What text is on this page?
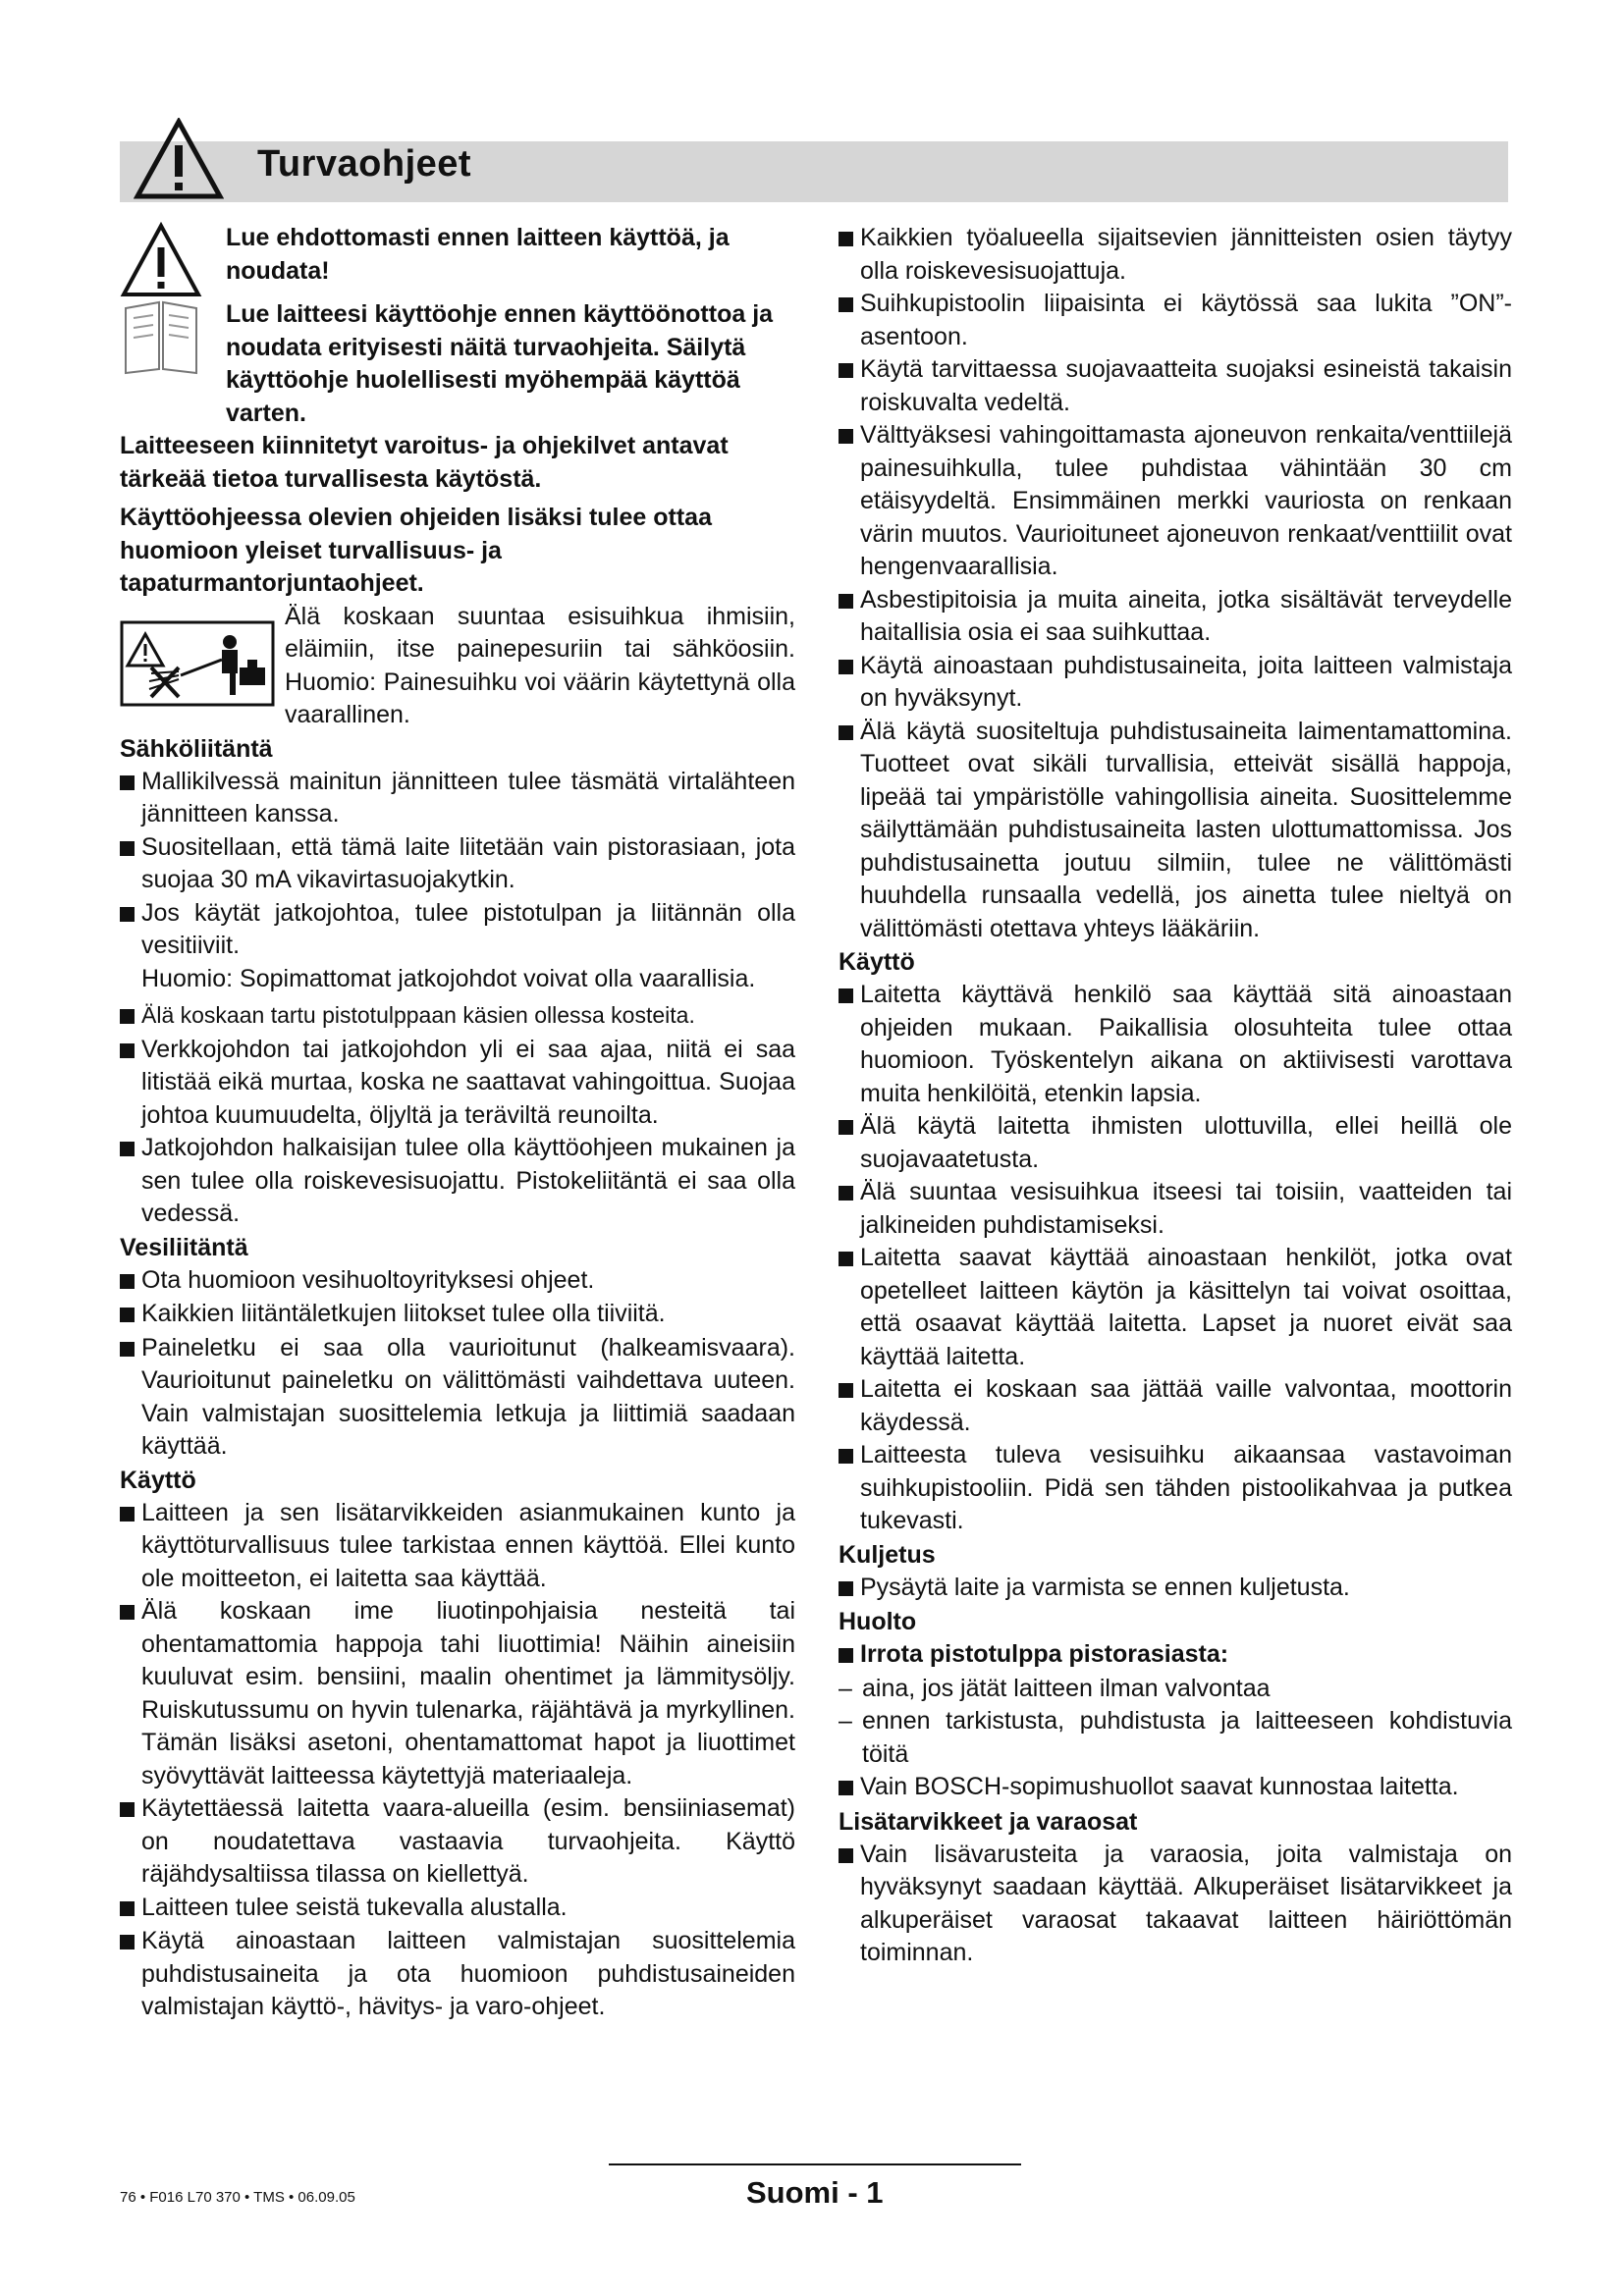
Turvaohjeet
Lue ehdottomasti ennen laitteen käyttöä, ja noudata!
Lue laitteesi käyttöohje ennen käyttöönottoa ja noudata erityisesti näitä turvaohjeita. Säilytä käyttöohje huolellisesti myöhempää käyttöä varten.

Laitteeseen kiinnitetyt varoitus- ja ohjekilvet antavat tärkeää tietoa turvallisesta käytöstä.

Käyttöohjeessa olevien ohjeiden lisäksi tulee ottaa huomioon yleiset turvallisuus- ja tapaturmantorjuntaohjeet.

Älä koskaan suuntaa esisuihkua ihmisiin, eläimiin, itse painepesuriin tai sähköosiin. Huomio: Painesuihku voi väärin käytettynä olla vaarallinen.
Sähköliitäntä
Mallikilvessä mainitun jännitteen tulee täsmätä virtalähteen jännitteen kanssa.
Suositellaan, että tämä laite liitetään vain pistorasiaan, jota suojaa 30 mA vikavirtasuojakytkin.
Jos käytät jatkojohtoa, tulee pistotulpan ja liitännän olla vesitiiviit.
Huomio: Sopimattomat jatkojohdot voivat olla vaarallisia.
Älä koskaan tartu pistotulppaan käsien ollessa kosteita.
Verkkojohdon tai jatkojohdon yli ei saa ajaa, niitä ei saa litistää eikä murtaa, koska ne saattavat vahingoittua. Suojaa johtoa kuumuudelta, öljyltä ja teräviltä reunoilta.
Jatkojohdon halkaisijan tulee olla käyttöohjeen mukainen ja sen tulee olla roiskevesisuojattu. Pistokeliitäntä ei saa olla vedessä.
Vesiliitäntä
Ota huomioon vesihuoltoyrityksesi ohjeet.
Kaikkien liitäntäletkujen liitokset tulee olla tiiviitä.
Paineletku ei saa olla vaurioitunut (halkeamisvaara). Vaurioitunut paineletku on välittömästi vaihdettava uuteen. Vain valmistajan suosittelemia letkuja ja liittimiä saadaan käyttää.
Käyttö
Laitteen ja sen lisätarvikkeiden asianmukainen kunto ja käyttöturvallisuus tulee tarkistaa ennen käyttöä. Ellei kunto ole moitteeton, ei laitetta saa käyttää.
Älä koskaan ime liuotinpohjaisia nesteitä tai ohentamattomia happoja tahi liuottimia! Näihin aineisiin kuuluvat esim. bensiini, maalin ohentimet ja lämmitysöljy. Ruiskutussumu on hyvin tulenarka, räjähtävä ja myrkyllinen. Tämän lisäksi asetoni, ohentamattomat hapot ja liuottimet syövyttävät laitteessa käytettyjä materiaaleja.
Käytettäessä laitetta vaara-alueilla (esim. bensiiniasemat) on noudatettava vastaavia turvaohjeita. Käyttö räjähdysaltiissa tilassa on kiellettyä.
Laitteen tulee seistä tukevalla alustalla.
Käytä ainoastaan laitteen valmistajan suosittelemia puhdistusaineita ja ota huomioon puhdistusaineiden valmistajan käyttö-, hävitys- ja varo-ohjeet.
Kaikkien työalueella sijaitsevien jännitteisten osien täytyy olla roiskevesisuojattuja.
Suihkupistoolin liipaisinta ei käytössä saa lukita ”ON”-asentoon.
Käytä tarvittaessa suojavaatteita suojaksi esineistä takaisin roiskuvalta vedeltä.
Välttyäksesi vahingoittamasta ajoneuvon renkaita/venttiilejä painesuihkulla, tulee puhdistaa vähintään 30 cm etäisyydeltä. Ensimmäinen merkki vauriosta on renkaan värin muutos. Vaurioituneet ajoneuvon renkaat/venttiilit ovat hengenvaarallisia.
Asbestipitoisia ja muita aineita, jotka sisältävät terveydelle haitallisia osia ei saa suihkuttaa.
Käytä ainoastaan puhdistusaineita, joita laitteen valmistaja on hyväksynyt.
Älä käytä suositeltuja puhdistusaineita laimentamattomina. Tuotteet ovat sikäli turvallisia, etteivät sisällä happoja, lipeää tai ympäristölle vahingollisia aineita. Suosittelemme säilyttämään puhdistusaineita lasten ulottumattomissa. Jos puhdistusainetta joutuu silmiin, tulee ne välittömästi huuhdella runsaalla vedellä, jos ainetta tulee nieltyä on välittömästi otettava yhteys lääkäriin.
Käyttö
Laitetta käyttävä henkilö saa käyttää sitä ainoastaan ohjeiden mukaan. Paikallisia olosuhteita tulee ottaa huomioon. Työskentelyn aikana on aktiivisesti varottava muita henkilöitä, etenkin lapsia.
Älä käytä laitetta ihmisten ulottuvilla, ellei heillä ole suojavaatetusta.
Älä suuntaa vesisuihkua itseesi tai toisiin, vaatteiden tai jalkineiden puhdistamiseksi.
Laitetta saavat käyttää ainoastaan henkilöt, jotka ovat opetelleet laitteen käytön ja käsittelyn tai voivat osoittaa, että osaavat käyttää laitetta. Lapset ja nuoret eivät saa käyttää laitetta.
Laitetta ei koskaan saa jättää vaille valvontaa, moottorin käydessä.
Laitteesta tuleva vesisuihku aikaansaa vastavoiman suihkupistooliin. Pidä sen tähden pistoolikahvaa ja putkea tukevasti.
Kuljetus
Pysäytä laite ja varmista se ennen kuljetusta.
Huolto
Irrota pistotulppa pistorasiasta:
– aina, jos jätät laitteen ilman valvontaa
– ennen tarkistusta, puhdistusta ja laitteeseen kohdistuvia töitä
Vain BOSCH-sopimushuollot saavat kunnostaa laitetta.
Lisätarvikkeet ja varaosat
Vain lisävarusteita ja varaosia, joita valmistaja on hyväksynyt saadaan käyttää. Alkuperäiset lisätarvikkeet ja alkuperäiset varaosat takaavat laitteen häiriöttömän toiminnan.
76 • F016 L70 370 • TMS • 06.09.05	Suomi - 1
